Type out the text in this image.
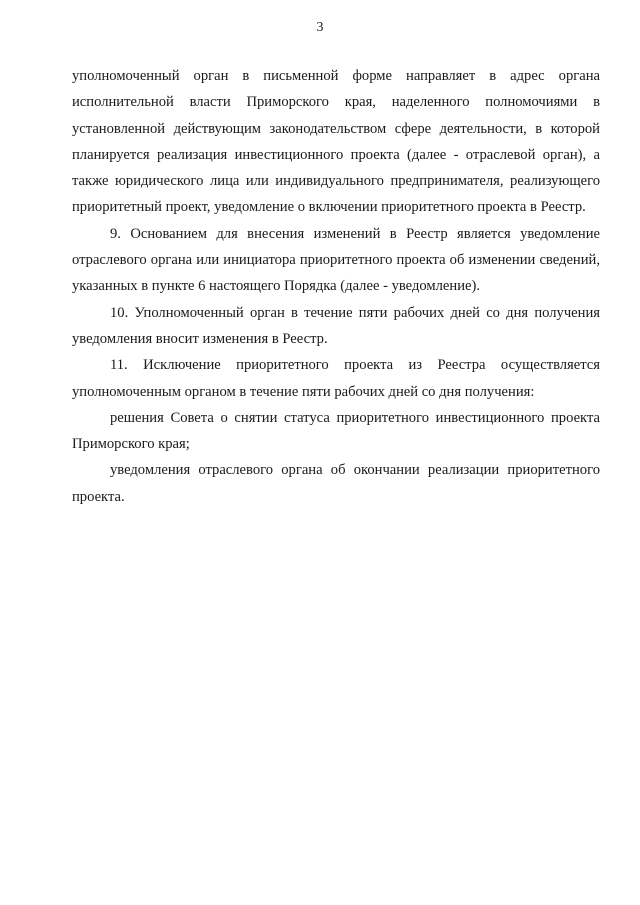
3

уполномоченный орган в письменной форме направляет в адрес органа исполнительной власти Приморского края, наделенного полномочиями в установленной действующим законодательством сфере деятельности, в которой планируется реализация инвестиционного проекта (далее - отраслевой орган), а также юридического лица или индивидуального предпринимателя, реализующего приоритетный проект, уведомление о включении приоритетного проекта в Реестр.

9. Основанием для внесения изменений в Реестр является уведомление отраслевого органа или инициатора приоритетного проекта об изменении сведений, указанных в пункте 6 настоящего Порядка (далее - уведомление).

10. Уполномоченный орган в течение пяти рабочих дней со дня получения уведомления вносит изменения в Реестр.

11. Исключение приоритетного проекта из Реестра осуществляется уполномоченным органом в течение пяти рабочих дней со дня получения:

решения Совета о снятии статуса приоритетного инвестиционного проекта Приморского края;

уведомления отраслевого органа об окончании реализации приоритетного проекта.
